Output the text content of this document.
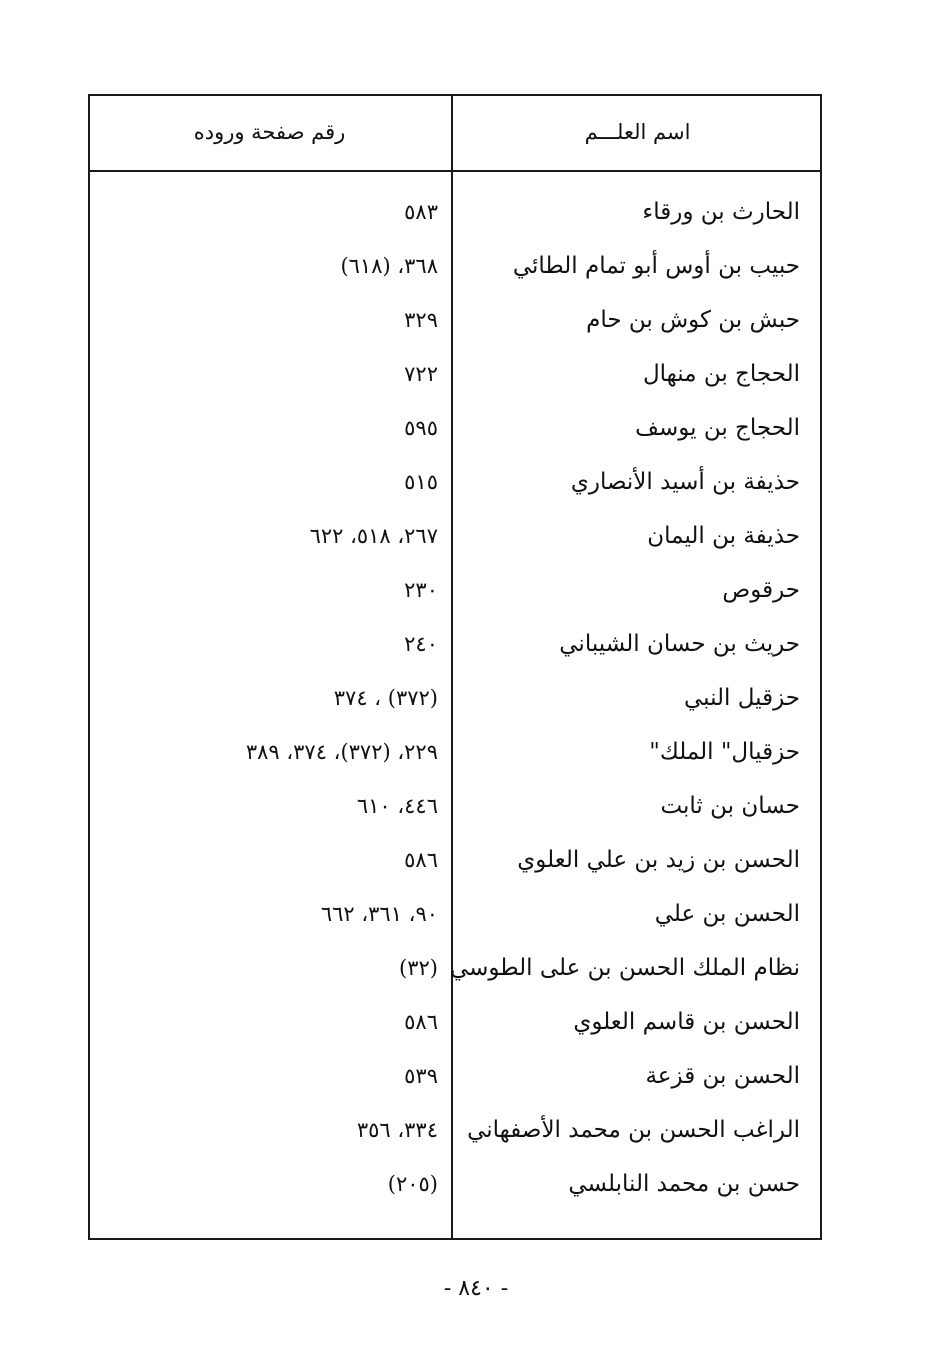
اسم العلـــم
رقم صفحة وروده
الحارث بن ورقاء
٥٨٣
حبيب بن أوس أبو تمام الطائي
٣٦٨، (٦١٨)
حبش بن كوش بن حام
٣٢٩
الحجاج بن منهال
٧٢٢
الحجاج بن يوسف
٥٩٥
حذيفة بن أسيد الأنصاري
٥١٥
حذيفة بن اليمان
٢٦٧، ٥١٨، ٦٢٢
حرقوص
٢٣٠
حريث بن حسان الشيباني
٢٤٠
حزقيل النبي
(٣٧٢) ، ٣٧٤
حزقيال" الملك"
٢٢٩، (٣٧٢)، ٣٧٤، ٣٨٩
حسان بن ثابت
٤٤٦، ٦١٠
الحسن بن زيد بن علي العلوي
٥٨٦
الحسن بن علي
٩٠، ٣٦١، ٦٦٢
نظام الملك الحسن بن على الطوسي
(٣٢)
الحسن بن قاسم العلوي
٥٨٦
الحسن بن قزعة
٥٣٩
الراغب الحسن بن محمد الأصفهاني
٣٣٤، ٣٥٦
حسن بن محمد النابلسي
(٢٠٥)
- ٨٤٠ -
